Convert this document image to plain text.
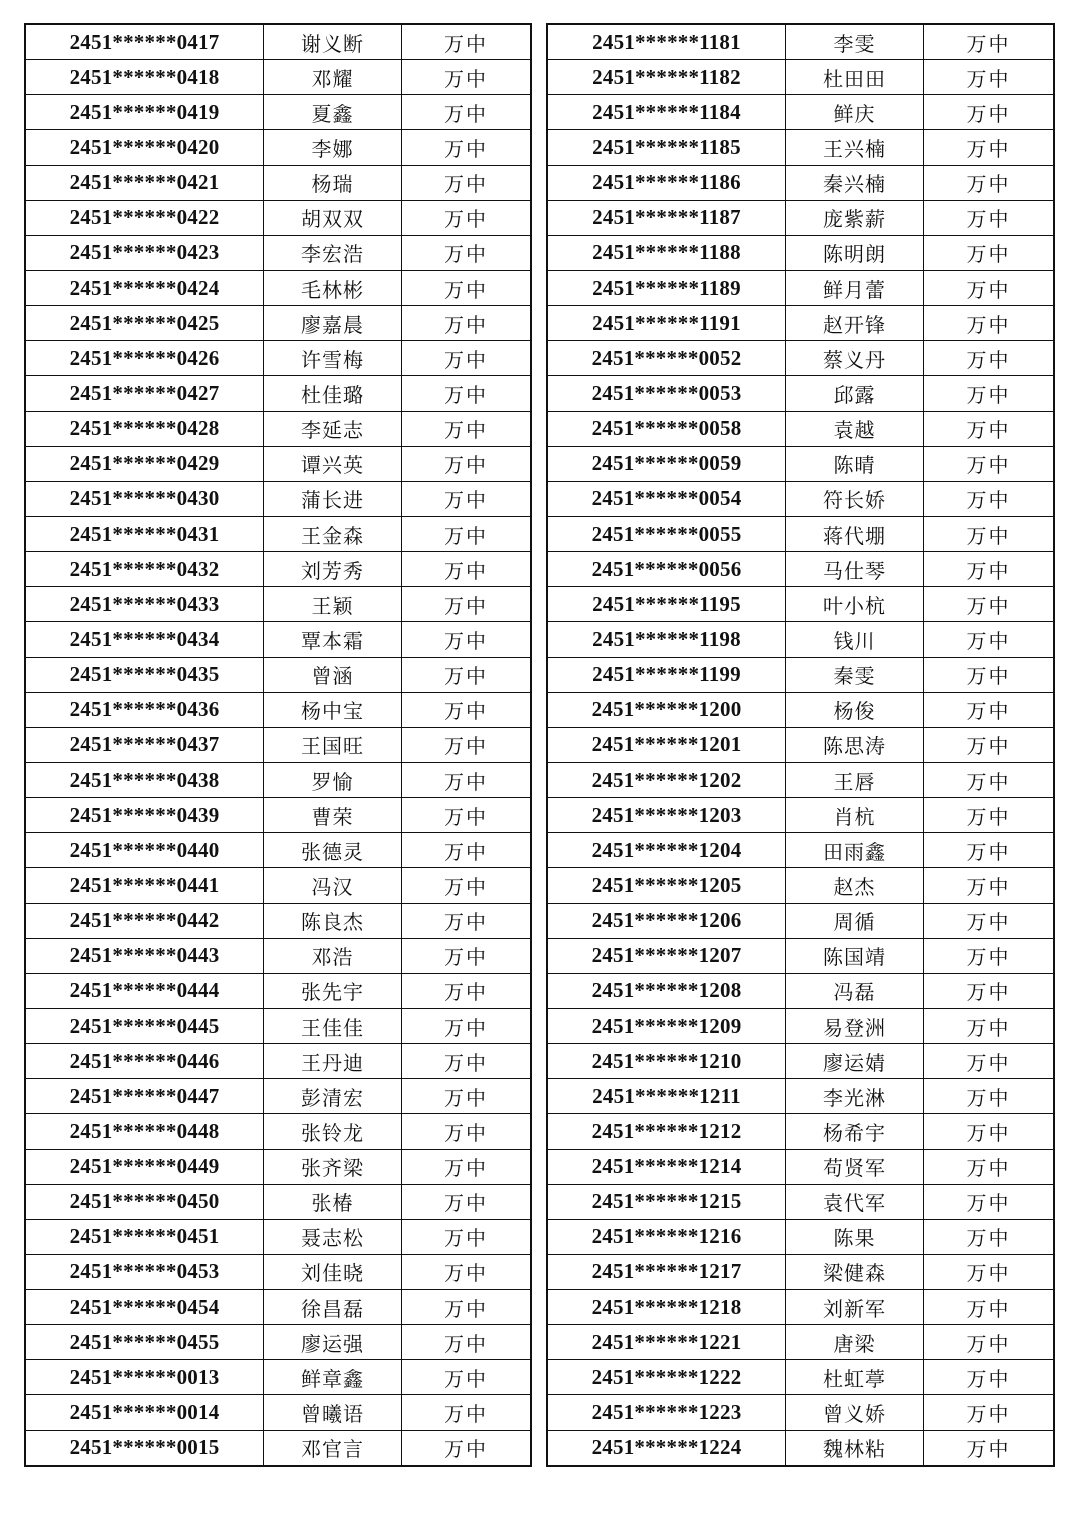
2451******0417	谢义断	万中
2451******0418	邓耀	万中
2451******0419	夏鑫	万中
2451******0420	李娜	万中
2451******0421	杨瑞	万中
2451******0422	胡双双	万中
2451******0423	李宏浩	万中
2451******0424	毛林彬	万中
2451******0425	廖嘉晨	万中
2451******0426	许雪梅	万中
2451******0427	杜佳璐	万中
2451******0428	李延志	万中
2451******0429	谭兴英	万中
2451******0430	蒲长进	万中
2451******0431	王金森	万中
2451******0432	刘芳秀	万中
2451******0433	王颖	万中
2451******0434	覃本霜	万中
2451******0435	曾涵	万中
2451******0436	杨中宝	万中
2451******0437	王国旺	万中
2451******0438	罗愉	万中
2451******0439	曹荣	万中
2451******0440	张德灵	万中
2451******0441	冯汉	万中
2451******0442	陈良杰	万中
2451******0443	邓浩	万中
2451******0444	张先宇	万中
2451******0445	王佳佳	万中
2451******0446	王丹迪	万中
2451******0447	彭清宏	万中
2451******0448	张铃龙	万中
2451******0449	张齐梁	万中
2451******0450	张椿	万中
2451******0451	聂志松	万中
2451******0453	刘佳晓	万中
2451******0454	徐昌磊	万中
2451******0455	廖运强	万中
2451******0013	鲜章鑫	万中
2451******0014	曾曦语	万中
2451******0015	邓官言	万中
2451******1181	李雯	万中
2451******1182	杜田田	万中
2451******1184	鲜庆	万中
2451******1185	王兴楠	万中
2451******1186	秦兴楠	万中
2451******1187	庞紫薪	万中
2451******1188	陈明朗	万中
2451******1189	鲜月蕾	万中
2451******1191	赵开锋	万中
2451******0052	蔡义丹	万中
2451******0053	邱露	万中
2451******0058	袁越	万中
2451******0059	陈晴	万中
2451******0054	符长娇	万中
2451******0055	蒋代堋	万中
2451******0056	马仕琴	万中
2451******1195	叶小杭	万中
2451******1198	钱川	万中
2451******1199	秦雯	万中
2451******1200	杨俊	万中
2451******1201	陈思涛	万中
2451******1202	王唇	万中
2451******1203	肖杭	万中
2451******1204	田雨鑫	万中
2451******1205	赵杰	万中
2451******1206	周循	万中
2451******1207	陈国靖	万中
2451******1208	冯磊	万中
2451******1209	易登洲	万中
2451******1210	廖运婧	万中
2451******1211	李光淋	万中
2451******1212	杨希宇	万中
2451******1214	苟贤军	万中
2451******1215	袁代军	万中
2451******1216	陈果	万中
2451******1217	梁健森	万中
2451******1218	刘新军	万中
2451******1221	唐梁	万中
2451******1222	杜虹葶	万中
2451******1223	曾义娇	万中
2451******1224	魏林粘	万中
